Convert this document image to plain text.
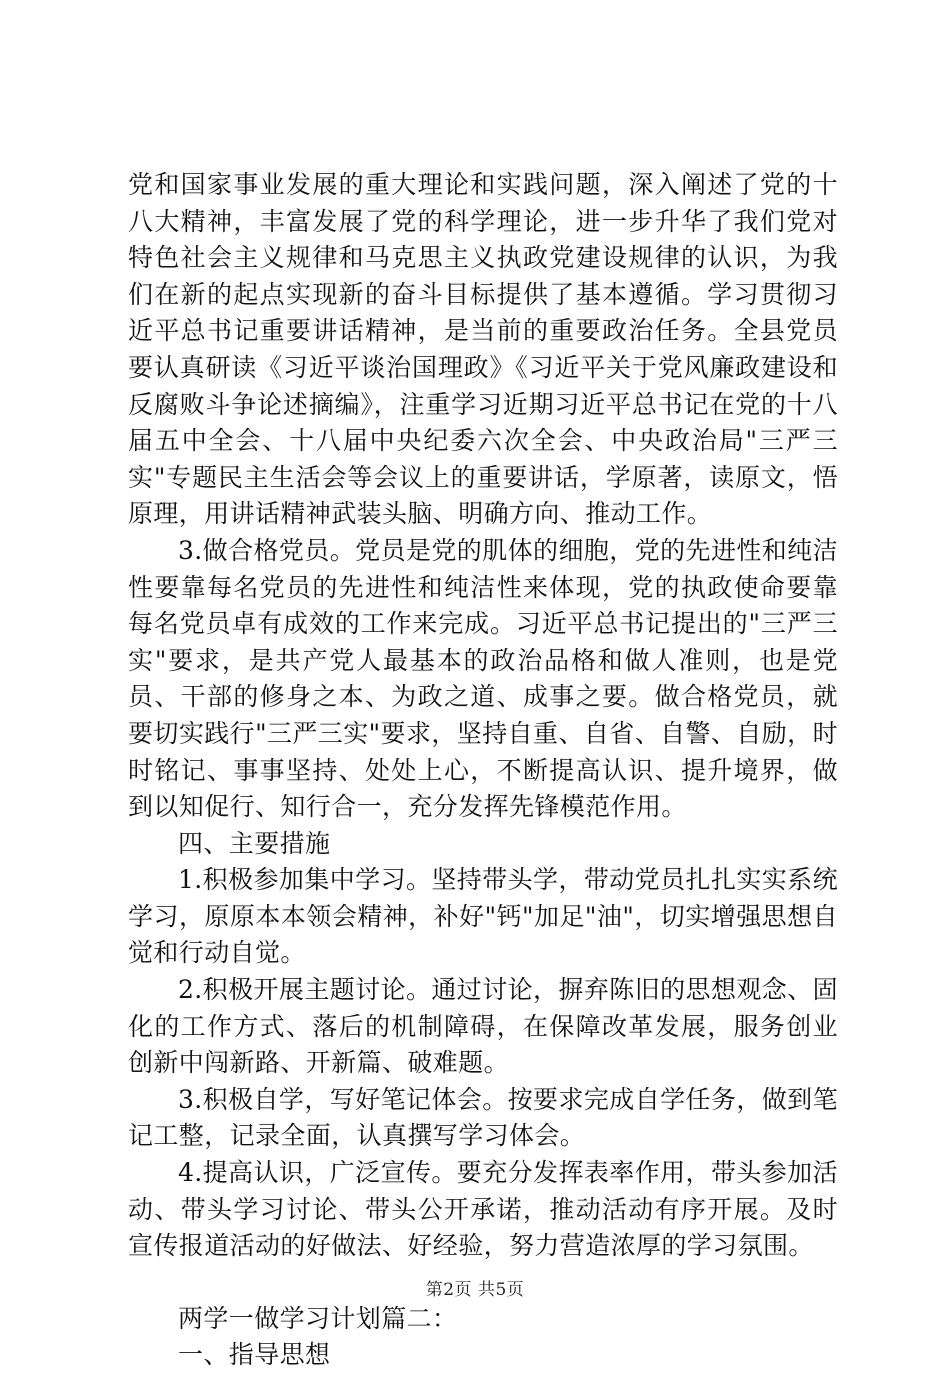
党和国家事业发展的重大理论和实践问题，深入阐述了党的十八大精神，丰富发展了党的科学理论，进一步升华了我们党对特色社会主义规律和马克思主义执政党建设规律的认识，为我们在新的起点实现新的奋斗目标提供了基本遵循。学习贯彻习近平总书记重要讲话精神，是当前的重要政治任务。全县党员要认真研读《习近平谈治国理政》《习近平关于党风廉政建设和反腐败斗争论述摘编》，注重学习近期习近平总书记在党的十八届五中全会、十八届中央纪委六次全会、中央政治局"三严三实"专题民主生活会等会议上的重要讲话，学原著，读原文，悟原理，用讲话精神武装头脑、明确方向、推动工作。

3.做合格党员。党员是党的肌体的细胞，党的先进性和纯洁性要靠每名党员的先进性和纯洁性来体现，党的执政使命要靠每名党员卓有成效的工作来完成。习近平总书记提出的"三严三实"要求，是共产党人最基本的政治品格和做人准则，也是党员、干部的修身之本、为政之道、成事之要。做合格党员，就要切实践行"三严三实"要求，坚持自重、自省、自警、自励，时时铭记、事事坚持、处处上心，不断提高认识、提升境界，做到以知促行、知行合一，充分发挥先锋模范作用。

四、主要措施

1.积极参加集中学习。坚持带头学，带动党员扎扎实实系统学习，原原本本领会精神，补好"钙"加足"油"，切实增强思想自觉和行动自觉。

2.积极开展主题讨论。通过讨论，摒弃陈旧的思想观念、固化的工作方式、落后的机制障碍，在保障改革发展，服务创业创新中闯新路、开新篇、破难题。

3.积极自学，写好笔记体会。按要求完成自学任务，做到笔记工整，记录全面，认真撰写学习体会。

4.提高认识，广泛宣传。要充分发挥表率作用，带头参加活动、带头学习讨论、带头公开承诺，推动活动有序开展。及时宣传报道活动的好做法、好经验，努力营造浓厚的学习氛围。

两学一做学习计划篇二：

一、指导思想

第2页 共5页
